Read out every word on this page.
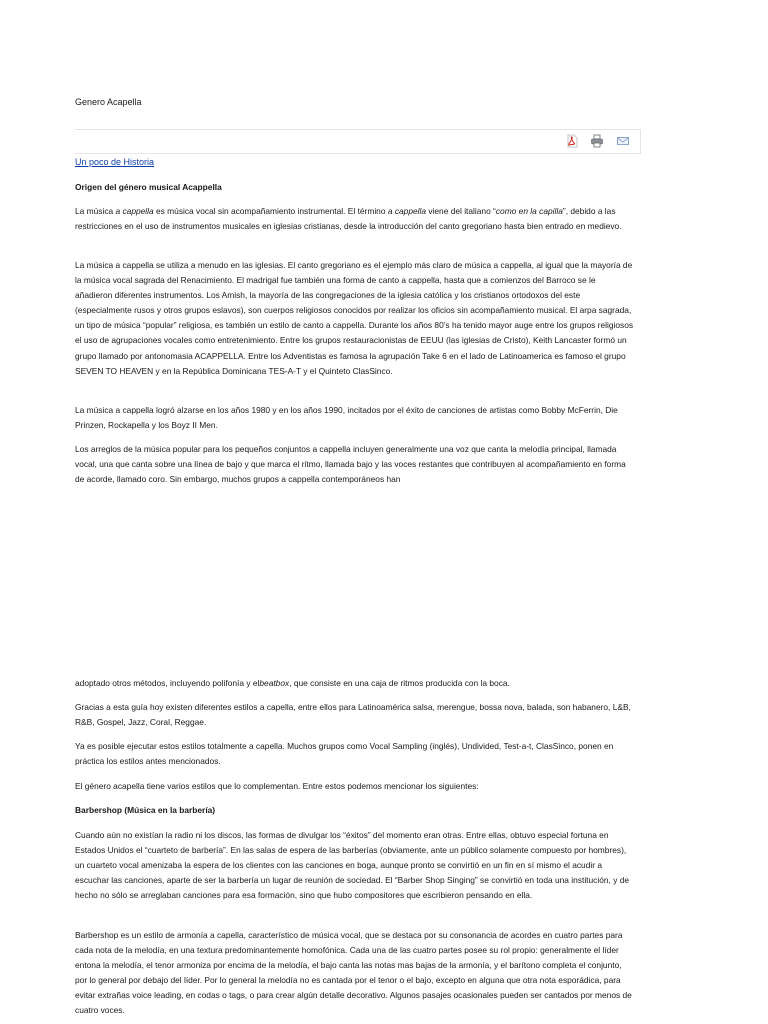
Genero Acapella
Un poco de Historia
Origen del género musical Acappella

La música a cappella es música vocal sin acompañamiento instrumental. El término a cappella viene del italiano “como en la capilla”, debido a las restricciones en el uso de instrumentos musicales en iglesias cristianas, desde la introducción del canto gregoriano hasta bien entrado en medievo.

La música a cappella se utiliza a menudo en las iglesias. El canto gregoriano es el ejemplo más claro de música a cappella, al igual que la mayoría de la música vocal sagrada del Renacimiento. El madrigal fue también una forma de canto a cappella, hasta que a comienzos del Barroco se le añadieron diferentes instrumentos. Los Amish, la mayoría de las congregaciones de la iglesia católica y los cristianos ortodoxos del este (especialmente rusos y otros grupos eslavos), son cuerpos religiosos conocidos por realizar los oficios sin acompañamiento musical. El arpa sagrada, un tipo de música “popular” religiosa, es también un estilo de canto a cappella. Durante los años 80’s ha tenido mayor auge entre los grupos religiosos el uso de agrupaciones vocales como entretenimiento. Entre los grupos restauracionistas de EEUU (las iglesias de Cristo), Keith Lancaster formó un grupo llamado por antonomasia ACAPPELLA. Entre los Adventistas es famosa la agrupación Take 6 en el lado de Latinoamerica es famoso el grupo SEVEN TO HEAVEN y en la República Dominicana TES-A-T y el Quinteto ClasSinco.
La música a cappella logró alzarse en los años 1980 y en los años 1990, incitados por el éxito de canciones de artistas como Bobby McFerrin, Die Prinzen, Rockapella y los Boyz II Men.
Los arreglos de la música popular para los pequeños conjuntos a cappella incluyen generalmente una voz que canta la melodía principal, llamada vocal, una que canta sobre una línea de bajo y que marca el ritmo, llamada bajo y las voces restantes que contribuyen al acompañamiento en forma de acorde, llamado coro. Sin embargo, muchos grupos a cappella contemporáneos han

adoptado otros métodos, incluyendo polifonía y elbeatbox, que consiste en una caja de ritmos producida con la boca.

Gracias a esta guía hoy existen diferentes estilos a capella, entre ellos para Latinoamérica salsa, merengue, bossa nova, balada, son habanero, L&B, R&B, Gospel, Jazz, Coral, Reggae.
Ya es posible ejecutar estos estilos totalmente a capella. Muchos grupos como Vocal Sampling (inglés), Undivided, Test-a-t, ClasSinco, ponen en práctica los estilos antes mencionados.
El género acapella tiene varios estilos que lo complementan. Entre estos podemos mencionar los siguientes:
Barbershop (Música en la barbería)
Cuando aún no existían la radio ni los discos, las formas de divulgar los “éxitos” del momento eran otras. Entre ellas, obtuvo especial fortuna en Estados Unidos el “cuarteto de barbería”. En las salas de espera de las barberías (obviamente, ante un público solamente compuesto por hombres), un cuarteto vocal amenizaba la espera de los clientes con las canciones en boga, aunque pronto se convirtió en un fin en sí mismo el acudir a escuchar las canciones, aparte de ser la barbería un lugar de reunión de sociedad. El “Barber Shop Singing” se convirtió en toda una institución, y de hecho no sólo se arreglaban canciones para esa formación, sino que hubo compositores que escribieron pensando en ella.
Barbershop es un estilo de armonía a capella, característico de música vocal, que se destaca por su consonancia de acordes en cuatro partes para cada nota de la melodía, en una textura predominantemente homofónica. Cada una de las cuatro partes posee su rol propio: generalmente el líder entona la melodía, el tenor armoniza por encima de la melodía, el bajo canta las notas mas bajas de la armonía, y el barítono completa el conjunto, por lo general por debajo del líder. Por lo general la melodía no es cantada por el tenor o el bajo, excepto en alguna que otra nota esporádica, para evitar extrañas voice leading, en codas o tags, o para crear algún detalle decorativo. Algunos pasajes ocasionales pueden ser cantados por menos de cuatro voces.
